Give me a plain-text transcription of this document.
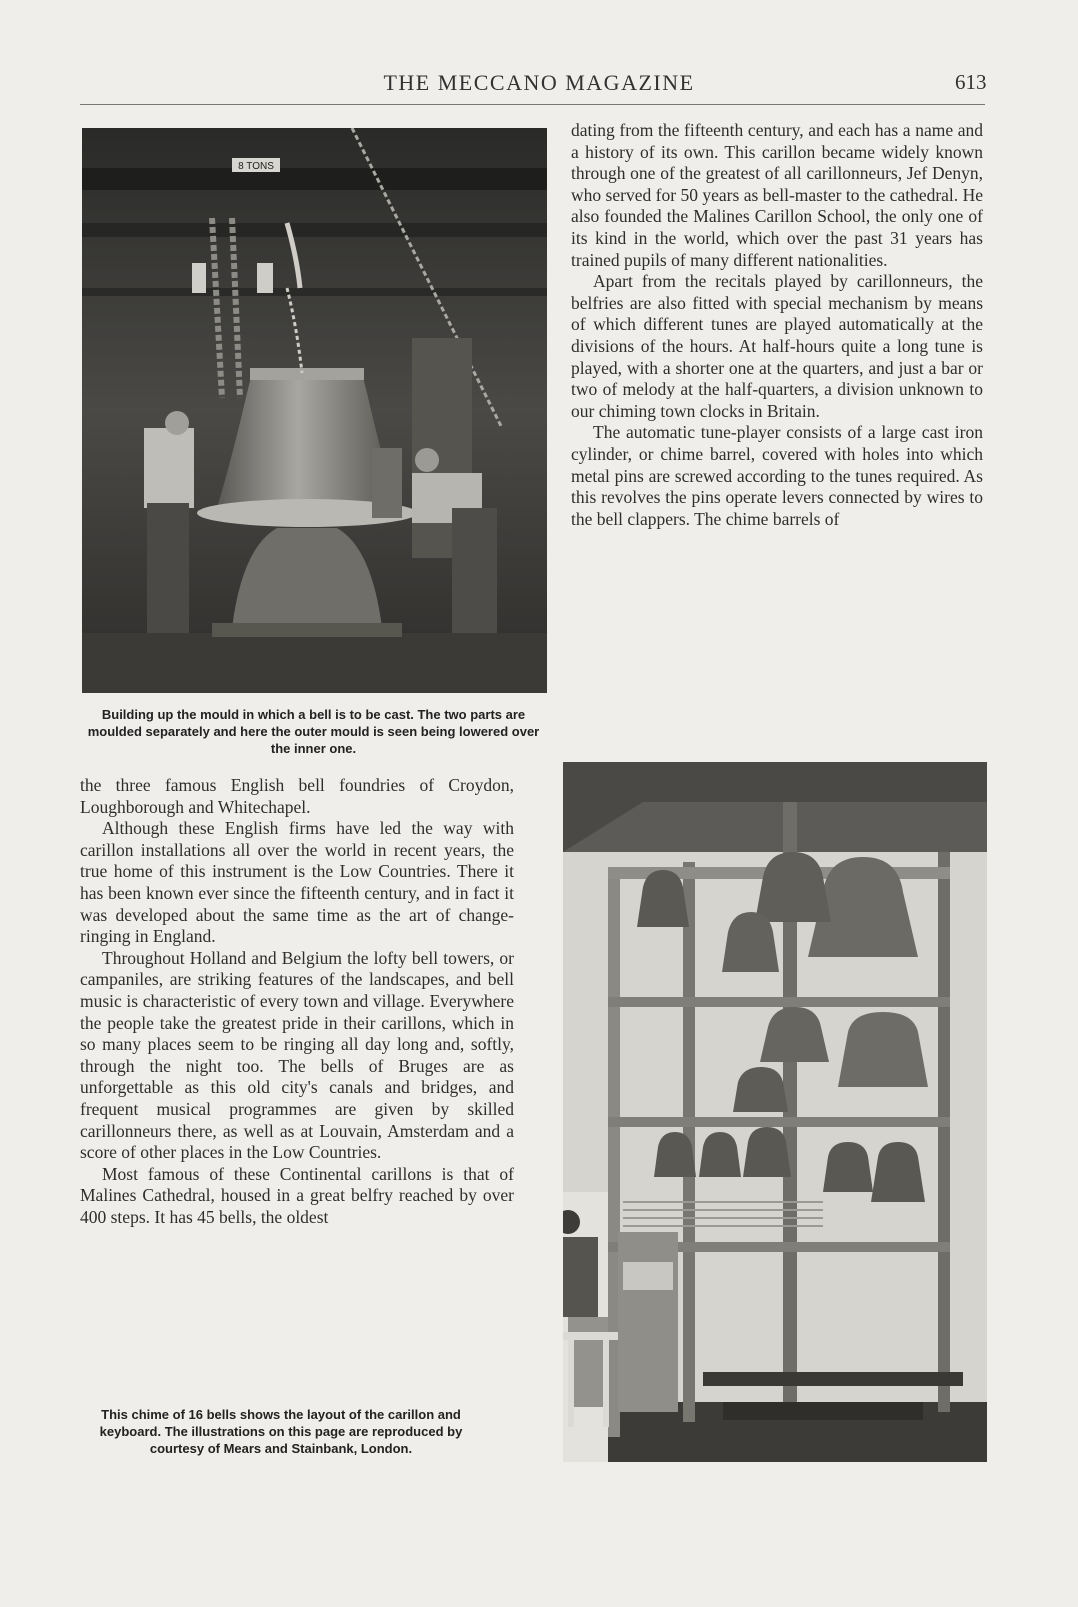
THE MECCANO MAGAZINE	613
8 TONS
Building up the mould in which a bell is to be cast. The two parts are moulded separately and here the outer mould is seen being lowered over the inner one.

the three famous English bell foundries of Croydon, Loughborough and Whitechapel.

Although these English firms have led the way with carillon installations all over the world in recent years, the true home of this instrument is the Low Countries. There it has been known ever since the fifteenth century, and in fact it was developed about the same time as the art of change-ringing in England.

Throughout Holland and Belgium the lofty bell towers, or campaniles, are striking features of the landscapes, and bell music is characteristic of every town and village. Everywhere the people take the greatest pride in their carillons, which in so many places seem to be ringing all day long and, softly, through the night too. The bells of Bruges are as unforgettable as this old city's canals and bridges, and frequent musical programmes are given by skilled carillonneurs there, as well as at Louvain, Amsterdam and a score of other places in the Low Countries.

Most famous of these Continental carillons is that of Malines Cathedral, housed in a great belfry reached by over 400 steps. It has 45 bells, the oldest

This chime of 16 bells shows the layout of the carillon and keyboard. The illustrations on this page are reproduced by courtesy of Mears and Stainbank, London.

dating from the fifteenth century, and each has a name and a history of its own. This carillon became widely known through one of the greatest of all carillonneurs, Jef Denyn, who served for 50 years as bell-master to the cathedral. He also founded the Malines Carillon School, the only one of its kind in the world, which over the past 31 years has trained pupils of many different nationalities.

Apart from the recitals played by carillonneurs, the belfries are also fitted with special mechanism by means of which different tunes are played automatically at the divisions of the hours. At half-hours quite a long tune is played, with a shorter one at the quarters, and just a bar or two of melody at the half-quarters, a division unknown to our chiming town clocks in Britain.

The automatic tune-player consists of a large cast iron cylinder, or chime barrel, covered with holes into which metal pins are screwed according to the tunes required. As this revolves the pins operate levers connected by wires to the bell clappers. The chime barrels of
